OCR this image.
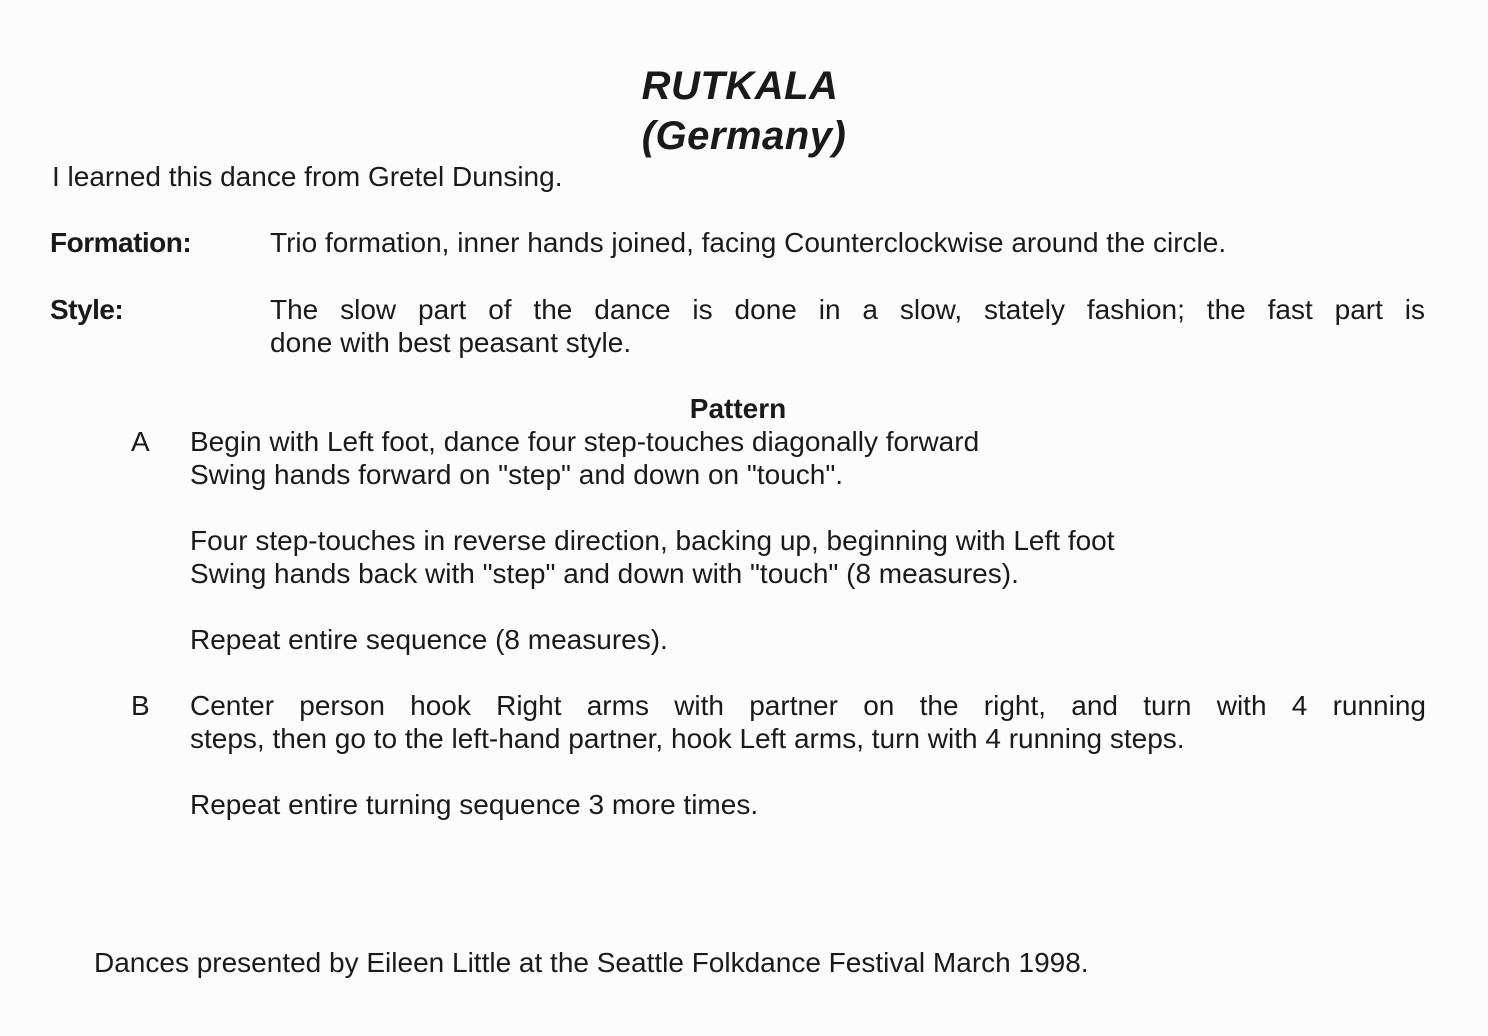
RUTKALA
(Germany)
I learned this dance from Gretel Dunsing.
Formation:	Trio formation, inner hands joined, facing Counterclockwise around the circle.
Style:	The slow part of the dance is done in a slow, stately fashion; the fast part is
done with best peasant style.
Pattern
A Begin with Left foot, dance four step-touches diagonally forward
Swing hands forward on "step" and down on "touch".
Four step-touches in reverse direction, backing up, beginning with Left foot
Swing hands back with "step" and down with "touch" (8 measures).
Repeat entire sequence (8 measures).
B Center person hook Right arms with partner on the right, and turn with 4 running
steps, then go to the left-hand partner, hook Left arms, turn with 4 running steps.
Repeat entire turning sequence 3 more times.
Dances presented by Eileen Little at the Seattle Folkdance Festival March 1998.
